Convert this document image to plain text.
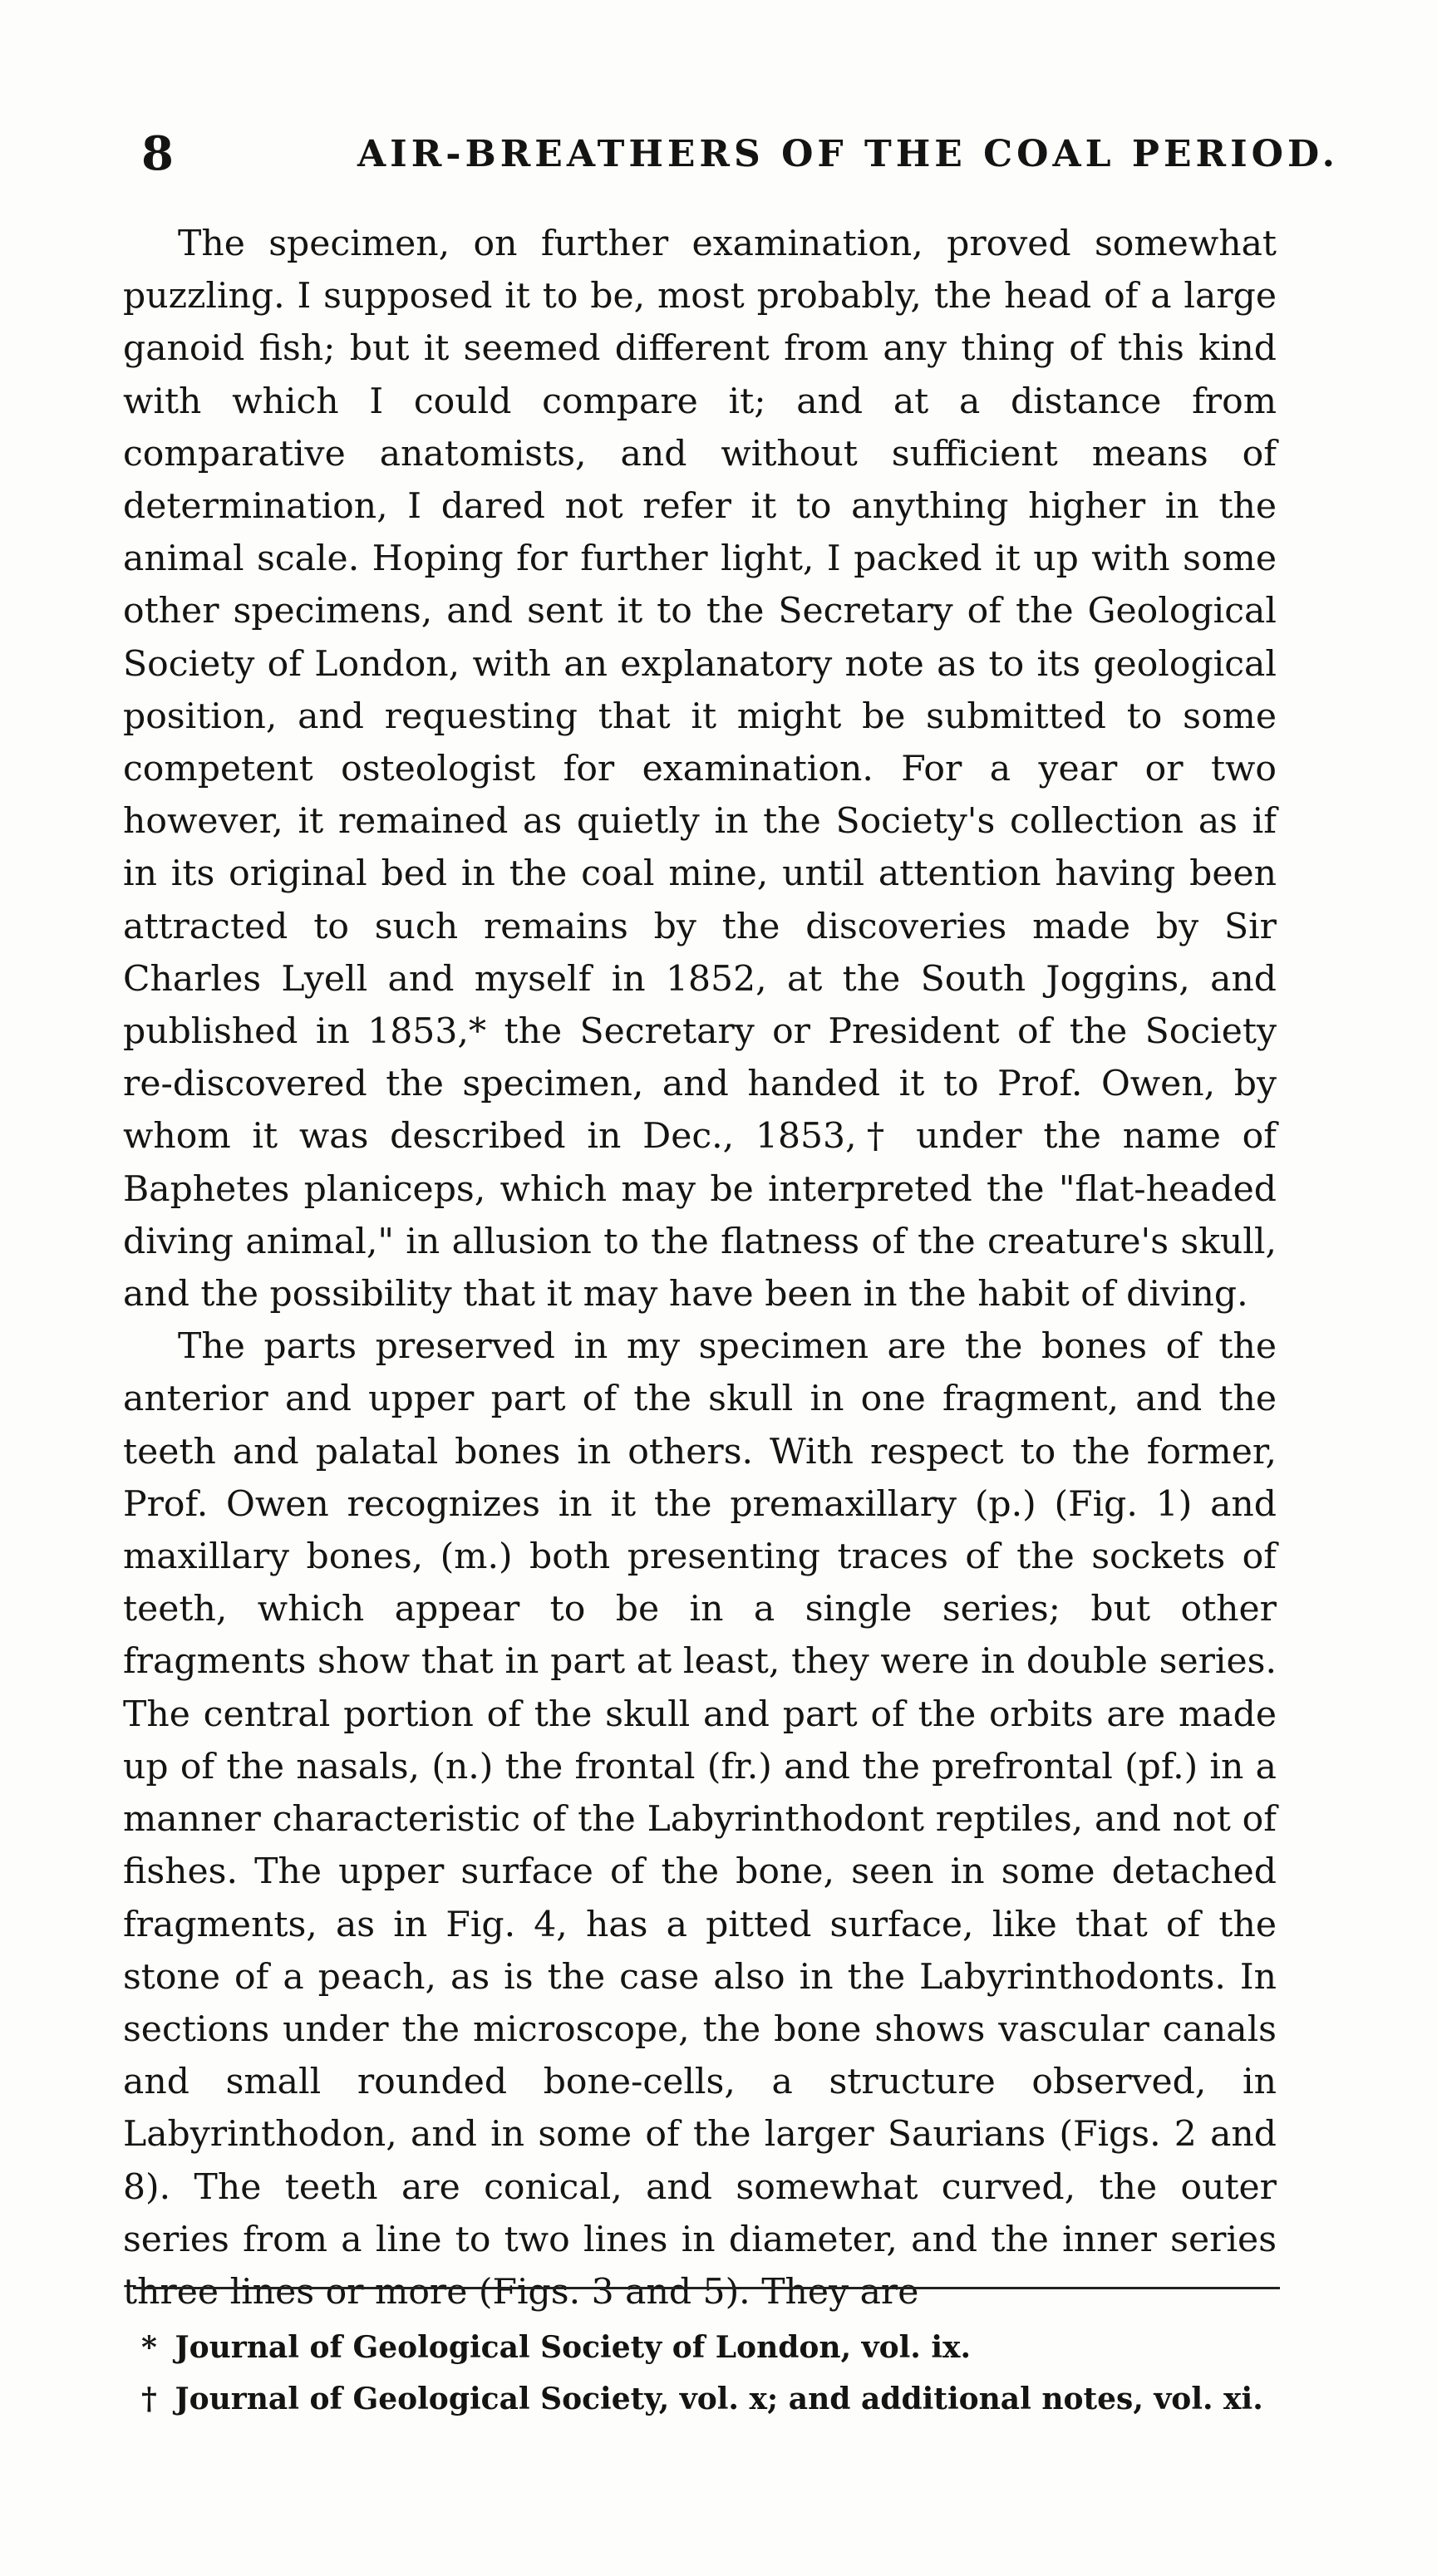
8	AIR-BREATHERS OF THE COAL PERIOD.

The specimen, on further examination, proved somewhat puzzling. I supposed it to be, most probably, the head of a large ganoid fish; but it seemed different from any thing of this kind with which I could compare it; and at a distance from comparative anatomists, and without sufficient means of determination, I dared not refer it to anything higher in the animal scale. Hoping for further light, I packed it up with some other specimens, and sent it to the Secretary of the Geological Society of London, with an explanatory note as to its geological position, and requesting that it might be submitted to some competent osteologist for examination. For a year or two however, it remained as quietly in the Society's collection as if in its original bed in the coal mine, until attention having been attracted to such remains by the discoveries made by Sir Charles Lyell and myself in 1852, at the South Joggins, and published in 1853,* the Secretary or President of the Society re-discovered the specimen, and handed it to Prof. Owen, by whom it was described in Dec., 1853,† under the name of Baphetes planiceps, which may be interpreted the "flat-headed diving animal," in allusion to the flatness of the creature's skull, and the possibility that it may have been in the habit of diving.

The parts preserved in my specimen are the bones of the anterior and upper part of the skull in one fragment, and the teeth and palatal bones in others. With respect to the former, Prof. Owen recognizes in it the premaxillary (p.) (Fig. 1) and maxillary bones, (m.) both presenting traces of the sockets of teeth, which appear to be in a single series; but other fragments show that in part at least, they were in double series. The central portion of the skull and part of the orbits are made up of the nasals, (n.) the frontal (fr.) and the prefrontal (pf.) in a manner characteristic of the Labyrinthodont reptiles, and not of fishes. The upper surface of the bone, seen in some detached fragments, as in Fig. 4, has a pitted surface, like that of the stone of a peach, as is the case also in the Labyrinthodonts. In sections under the microscope, the bone shows vascular canals and small rounded bone-cells, a structure observed, in Labyrinthodon, and in some of the larger Saurians (Figs. 2 and 8). The teeth are conical, and somewhat curved, the outer series from a line to two lines in diameter, and the inner series three lines or more (Figs. 3 and 5). They are

* Journal of Geological Society of London, vol. ix.
† Journal of Geological Society, vol. x; and additional notes, vol. xi.
